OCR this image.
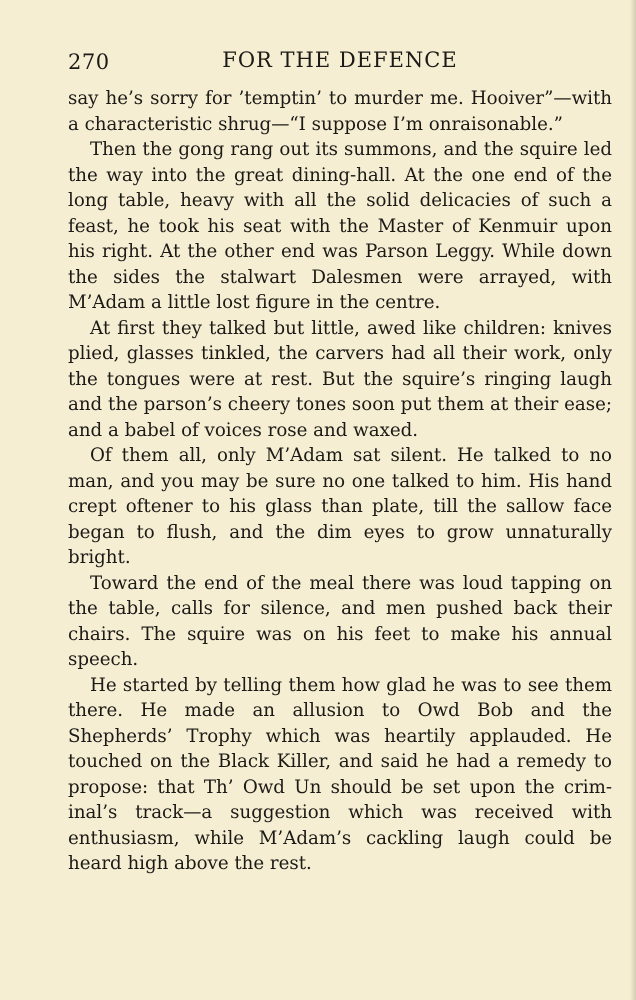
270	FOR THE DEFENCE

say he’s sorry for ’temptin’ to murder me. Hooiver”—with a characteristic shrug—“I suppose I’m onraisonable.”

Then the gong rang out its summons, and the squire led the way into the great dining-hall. At the one end of the long table, heavy with all the solid delicacies of such a feast, he took his seat with the Master of Kenmuir upon his right. At the other end was Parson Leggy. While down the sides the stalwart Dalesmen were arrayed, with M’Adam a little lost figure in the centre.

At first they talked but little, awed like children: knives plied, glasses tinkled, the carvers had all their work, only the tongues were at rest. But the squire’s ringing laugh and the parson’s cheery tones soon put them at their ease; and a babel of voices rose and waxed.

Of them all, only M’Adam sat silent. He talked to no man, and you may be sure no one talked to him. His hand crept oftener to his glass than plate, till the sallow face began to flush, and the dim eyes to grow unnaturally bright.

Toward the end of the meal there was loud tapping on the table, calls for silence, and men pushed back their chairs. The squire was on his feet to make his annual speech.

He started by telling them how glad he was to see them there. He made an allusion to Owd Bob and the Shepherds’ Trophy which was heartily applauded. He touched on the Black Killer, and said he had a remedy to propose: that Th’ Owd Un should be set upon the criminal’s track—a suggestion which was received with enthusiasm, while M’Adam’s cackling laugh could be heard high above the rest.
